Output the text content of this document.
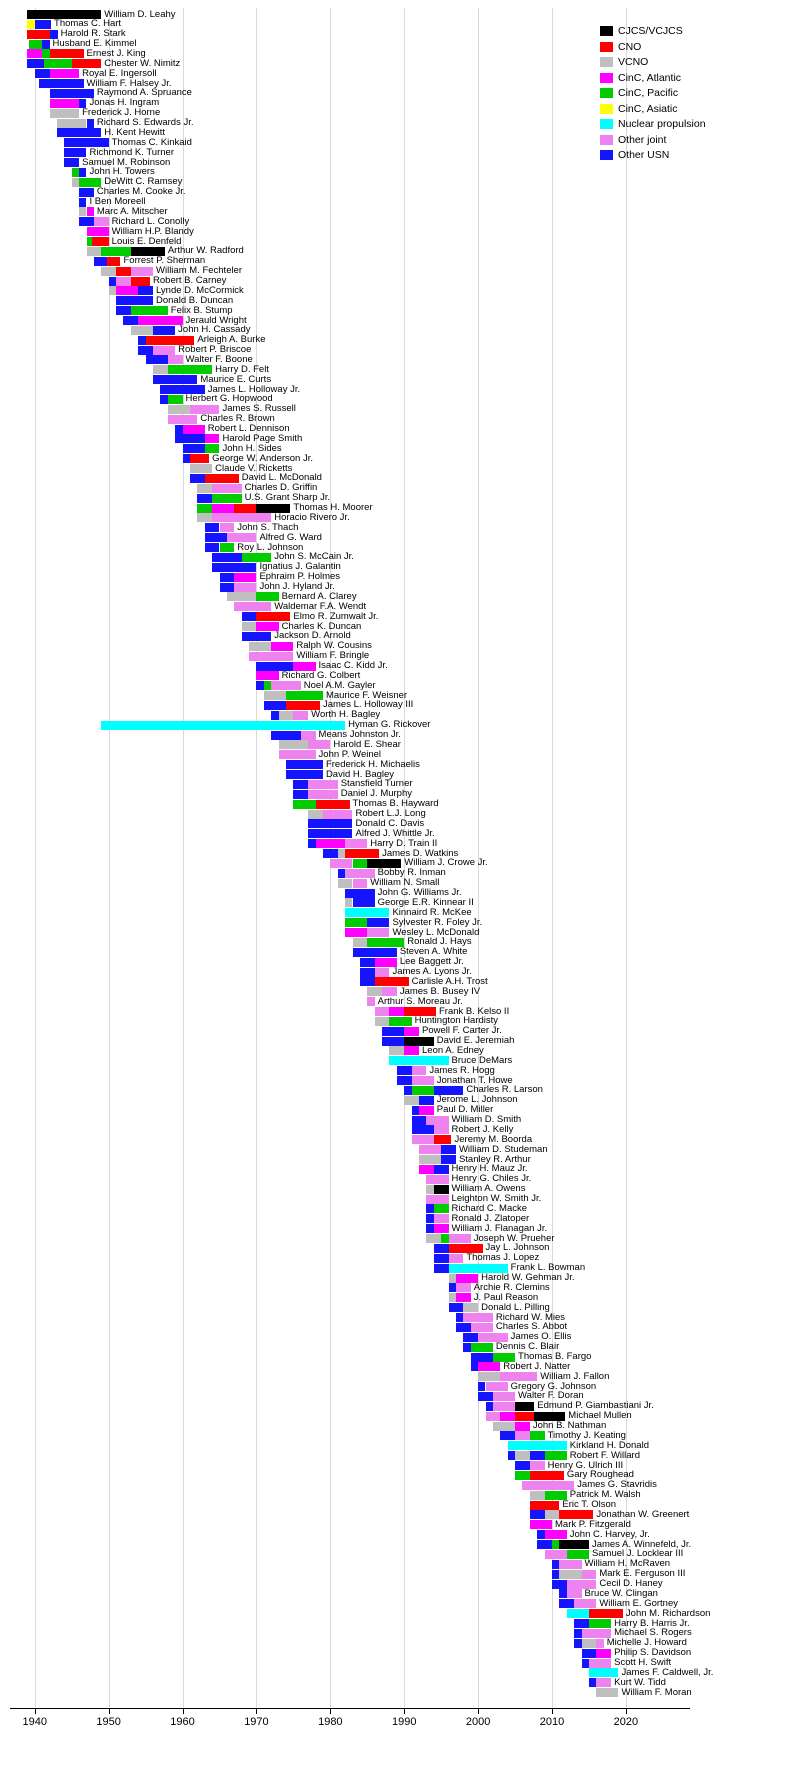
William D. Leahy
Thomas C. Hart
Harold R. Stark
Husband E. Kimmel
Ernest J. King
Chester W. Nimitz
Royal E. Ingersoll
William F. Halsey Jr.
Raymond A. Spruance
Jonas H. Ingram
Frederick J. Horne
Richard S. Edwards Jr.
H. Kent Hewitt
Thomas C. Kinkaid
Richmond K. Turner
Samuel M. Robinson
John H. Towers
DeWitt C. Ramsey
Charles M. Cooke Jr.
I Ben Moreell
Marc A. Mitscher
Richard L. Conolly
William H.P. Blandy
Louis E. Denfeld
Arthur W. Radford
Forrest P. Sherman
William M. Fechteler
Robert B. Carney
Lynde D. McCormick
Donald B. Duncan
Felix B. Stump
Jerauld Wright
John H. Cassady
Arleigh A. Burke
Robert P. Briscoe
Walter F. Boone
Harry D. Felt
Maurice E. Curts
James L. Holloway Jr.
Herbert G. Hopwood
James S. Russell
Charles R. Brown
Robert L. Dennison
Harold Page Smith
John H. Sides
George W. Anderson Jr.
Claude V. Ricketts
David L. McDonald
Charles D. Griffin
U.S. Grant Sharp Jr.
Thomas H. Moorer
Horacio Rivero Jr.
John S. Thach
Alfred G. Ward
Roy L. Johnson
John S. McCain Jr.
Ignatius J. Galantin
Ephraim P. Holmes
John J. Hyland Jr.
Bernard A. Clarey
Waldemar F.A. Wendt
Elmo R. Zumwalt Jr.
Charles K. Duncan
Jackson D. Arnold
Ralph W. Cousins
William F. Bringle
Isaac C. Kidd Jr.
Richard G. Colbert
Noel A.M. Gayler
Maurice F. Weisner
James L. Holloway III
Worth H. Bagley
Hyman G. Rickover
Means Johnston Jr.
Harold E. Shear
John P. Weinel
Frederick H. Michaelis
David H. Bagley
Stansfield Turner
Daniel J. Murphy
Thomas B. Hayward
Robert L.J. Long
Donald C. Davis
Alfred J. Whittle Jr.
Harry D. Train II
James D. Watkins
William J. Crowe Jr.
Bobby R. Inman
William N. Small
John G. Williams Jr.
George E.R. Kinnear II
Kinnaird R. McKee
Sylvester R. Foley Jr.
Wesley L. McDonald
Ronald J. Hays
Steven A. White
Lee Baggett Jr.
James A. Lyons Jr.
Carlisle A.H. Trost
James B. Busey IV
Arthur S. Moreau Jr.
Frank B. Kelso II
Huntington Hardisty
Powell F. Carter Jr.
David E. Jeremiah
Leon A. Edney
Bruce DeMars
James R. Hogg
Jonathan T. Howe
Charles R. Larson
Jerome L. Johnson
Paul D. Miller
William D. Smith
Robert J. Kelly
Jeremy M. Boorda
William D. Studeman
Stanley R. Arthur
Henry H. Mauz Jr.
Henry G. Chiles Jr.
William A. Owens
Leighton W. Smith Jr.
Richard C. Macke
Ronald J. Zlatoper
William J. Flanagan Jr.
Joseph W. Prueher
Jay L. Johnson
Thomas J. Lopez
Frank L. Bowman
Harold W. Gehman Jr.
Archie R. Clemins
J. Paul Reason
Donald L. Pilling
Richard W. Mies
Charles S. Abbot
James O. Ellis
Dennis C. Blair
Thomas B. Fargo
Robert J. Natter
William J. Fallon
Gregory G. Johnson
Walter F. Doran
Edmund P. Giambastiani Jr.
Michael Mullen
John B. Nathman
Timothy J. Keating
Kirkland H. Donald
Robert F. Willard
Henry G. Ulrich III
Gary Roughead
James G. Stavridis
Patrick M. Walsh
Eric T. Olson
Jonathan W. Greenert
Mark P. Fitzgerald
John C. Harvey, Jr.
James A. Winnefeld, Jr.
Samuel J. Locklear III
William H. McRaven
Mark E. Ferguson III
Cecil D. Haney
Bruce W. Clingan
William E. Gortney
John M. Richardson
Harry B. Harris Jr.
Michael S. Rogers
Michelle J. Howard
Philip S. Davidson
Scott H. Swift
James F. Caldwell, Jr.
Kurt W. Tidd
William F. Moran
1940	1950	1960	1970	1980	1990	2000	2010	2020
CJCS/VCJCS
CNO
VCNO
CinC, Atlantic
CinC, Pacific
CinC, Asiatic
Nuclear propulsion
Other joint
Other USN
